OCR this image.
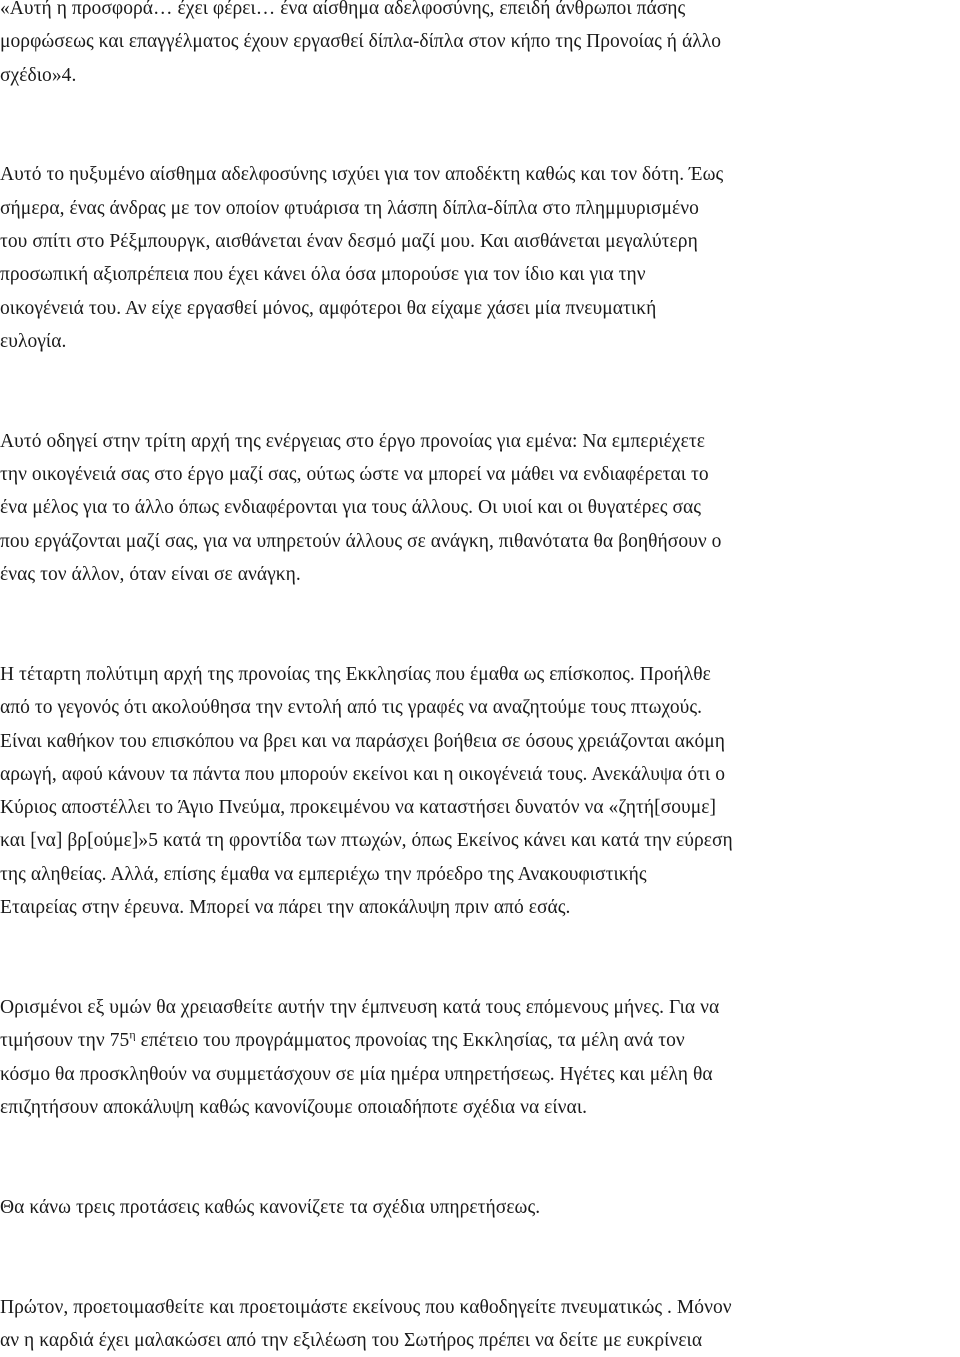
«Αυτή η προσφορά… έχει φέρει… ένα αίσθημα αδελφοσύνης, επειδή άνθρωποι πάσης
μορφώσεως και επαγγέλματος έχουν εργασθεί δίπλα-δίπλα στον κήπο της Προνοίας ή άλλο
σχέδιο»4.
Αυτό το ηυξυμένο αίσθημα αδελφοσύνης ισχύει για τον αποδέκτη καθώς και τον δότη. Έως
σήμερα, ένας άνδρας με τον οποίον φτυάρισα τη λάσπη δίπλα-δίπλα στο πλημμυρισμένο
του σπίτι στο Ρέξμπουργκ, αισθάνεται έναν δεσμό μαζί μου. Και αισθάνεται μεγαλύτερη
προσωπική αξιοπρέπεια που έχει κάνει όλα όσα μπορούσε για τον ίδιο και για την
οικογένειά του. Αν είχε εργασθεί μόνος, αμφότεροι θα είχαμε χάσει μία πνευματική
ευλογία.
Αυτό οδηγεί στην τρίτη αρχή της ενέργειας στο έργο προνοίας για εμένα: Να εμπεριέχετε
την οικογένειά σας στο έργο μαζί σας, ούτως ώστε να μπορεί να μάθει να ενδιαφέρεται το
ένα μέλος για το άλλο όπως ενδιαφέρονται για τους άλλους. Οι υιοί και οι θυγατέρες σας
που εργάζονται μαζί σας, για να υπηρετούν άλλους σε ανάγκη, πιθανότατα θα βοηθήσουν ο
ένας τον άλλον, όταν είναι σε ανάγκη.
Η τέταρτη πολύτιμη αρχή της προνοίας της Εκκλησίας που έμαθα ως επίσκοπος. Προήλθε
από το γεγονός ότι ακολούθησα την εντολή από τις γραφές να αναζητούμε τους πτωχούς.
Είναι καθήκον του επισκόπου να βρει και να παράσχει βοήθεια σε όσους χρειάζονται ακόμη
αρωγή, αφού κάνουν τα πάντα που μπορούν εκείνοι και η οικογένειά τους. Ανεκάλυψα ότι ο
Κύριος αποστέλλει το Άγιο Πνεύμα, προκειμένου να καταστήσει δυνατόν να «ζητή[σουμε]
και [να] βρ[ούμε]»5 κατά τη φροντίδα των πτωχών, όπως Εκείνος κάνει και κατά την εύρεση
της αληθείας. Αλλά, επίσης έμαθα να εμπεριέχω την πρόεδρο της Ανακουφιστικής
Εταιρείας στην έρευνα. Μπορεί να πάρει την αποκάλυψη πριν από εσάς.
Ορισμένοι εξ υμών θα χρειασθείτε αυτήν την έμπνευση κατά τους επόμενους μήνες. Για να
τιμήσουν την $75^\eta$ επέτειο του προγράμματος προνοίας της Εκκλησίας, τα μέλη ανά τον
κόσμο θα προσκληθούν να συμμετάσχουν σε μία ημέρα υπηρετήσεως. Ηγέτες και μέλη θα
επιζητήσουν αποκάλυψη καθώς κανονίζουμε οποιαδήποτε σχέδια να είναι.
Θα κάνω τρεις προτάσεις καθώς κανονίζετε τα σχέδια υπηρετήσεως.
Πρώτον, προετοιμασθείτε και προετοιμάστε εκείνους που καθοδηγείτε πνευματικώς . Μόνον
αν η καρδιά έχει μαλακώσει από την εξιλέωση του Σωτήρος πρέπει να δείτε με ευκρίνεια
